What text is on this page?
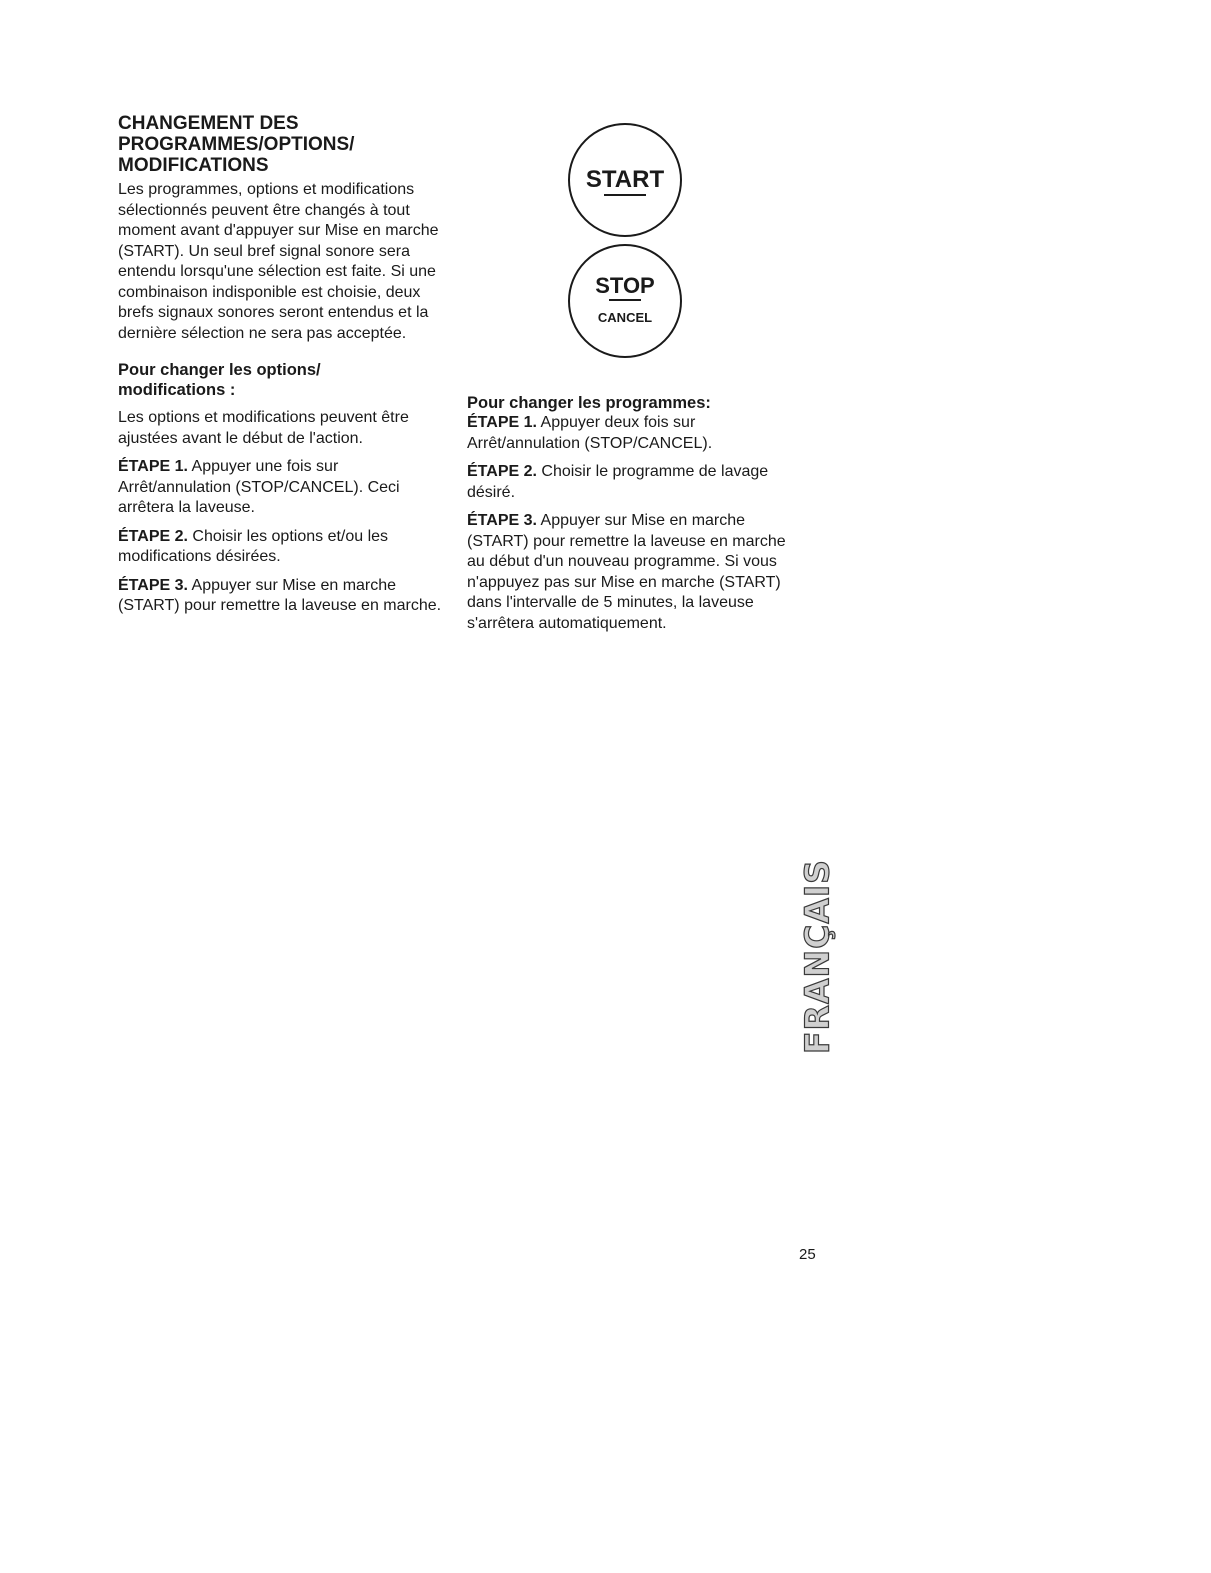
CHANGEMENT DES
PROGRAMMES/OPTIONS/
MODIFICATIONS

Les programmes, options et modifications sélectionnés peuvent être changés à tout moment avant d'appuyer sur Mise en marche (START). Un seul bref signal sonore sera entendu lorsqu'une sélection est faite. Si une combinaison indisponible est choisie, deux brefs signaux sonores seront entendus et la dernière sélection ne sera pas acceptée.

Pour changer les options/
modifications :

Les options et modifications peuvent être ajustées avant le début de l'action.

ÉTAPE 1. Appuyer une fois sur Arrêt/annulation (STOP/CANCEL). Ceci arrêtera la laveuse.

ÉTAPE 2. Choisir les options et/ou les modifications désirées.

ÉTAPE 3. Appuyer sur Mise en marche (START) pour remettre la laveuse en marche.

START
STOP
CANCEL

Pour changer les programmes:

ÉTAPE 1. Appuyer deux fois sur Arrêt/annulation (STOP/CANCEL).

ÉTAPE 2. Choisir le programme de lavage désiré.

ÉTAPE 3. Appuyer sur Mise en marche (START) pour remettre la laveuse en marche au début d'un nouveau programme. Si vous n'appuyez pas sur Mise en marche (START) dans l'intervalle de 5 minutes, la laveuse s'arrêtera automatiquement.

FRANÇAIS
25
